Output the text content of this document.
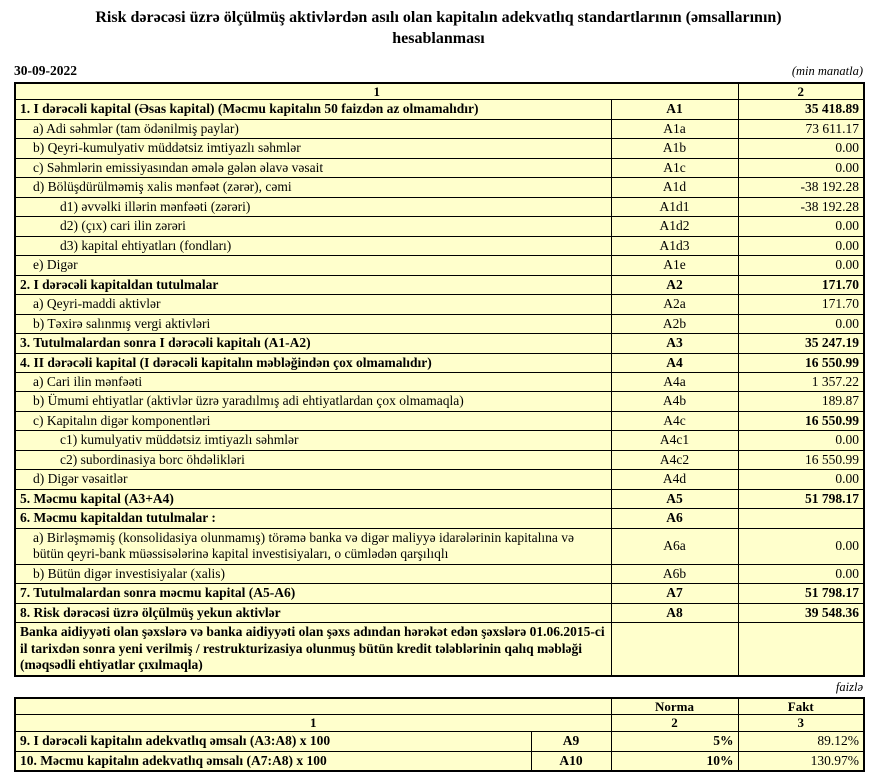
Risk dərəcəsi üzrə ölçülmüş aktivlərdən asılı olan kapitalın adekvatlıq standartlarının (əmsallarının)
hesablanması
30-09-2022	(min manatla)
1		2
1. I dərəcəli kapital (Əsas kapital) (Məcmu kapitalın 50 faizdən az olmamalıdır)	A1	35 418.89
a) Adi səhmlər (tam ödənilmiş paylar)	A1a	73 611.17
b) Qeyri-kumulyativ müddətsiz imtiyazlı səhmlər	A1b	0.00
c) Səhmlərin emissiyasından əmələ gələn əlavə vəsait	A1c	0.00
d) Bölüşdürülməmiş xalis mənfəət (zərər), cəmi	A1d	-38 192.28
d1) əvvəlki illərin mənfəəti (zərəri)	A1d1	-38 192.28
d2) (çıx) cari ilin zərəri	A1d2	0.00
d3) kapital ehtiyatları (fondları)	A1d3	0.00
e) Digər	A1e	0.00
2. I dərəcəli kapitaldan tutulmalar	A2	171.70
a) Qeyri-maddi aktivlər	A2a	171.70
b) Təxirə salınmış vergi aktivləri	A2b	0.00
3. Tutulmalardan sonra I dərəcəli kapitalı (A1-A2)	A3	35 247.19
4. II dərəcəli kapital (I dərəcəli kapitalın məbləğindən çox olmamalıdır)	A4	16 550.99
a) Cari ilin mənfəəti	A4a	1 357.22
b) Ümumi ehtiyatlar (aktivlər üzrə yaradılmış adi ehtiyatlardan çox olmamaqla)	A4b	189.87
c) Kapitalın digər komponentləri	A4c	16 550.99
c1) kumulyativ müddətsiz imtiyazlı səhmlər	A4c1	0.00
c2) subordinasiya borc öhdəlikləri	A4c2	16 550.99
d) Digər vəsaitlər	A4d	0.00
5. Məcmu kapital (A3+A4)	A5	51 798.17
6. Məcmu kapitaldan tutulmalar :	A6	
a) Birləşməmiş (konsolidasiya olunmamış) törəmə banka və digər maliyyə idarələrinin kapitalına və bütün qeyri-bank müəssisələrinə kapital investisiyaları, o cümlədən qarşılıqlı	A6a	0.00
b) Bütün digər investisiyalar (xalis)	A6b	0.00
7. Tutulmalardan sonra məcmu kapital (A5-A6)	A7	51 798.17
8. Risk dərəcəsi üzrə ölçülmüş yekun aktivlər	A8	39 548.36
Banka aidiyyəti olan şəxslərə və banka aidiyyəti olan şəxs adından hərəkət edən şəxslərə 01.06.2015-ci il tarixdən sonra yeni verilmiş / restrukturizasiya olunmuş bütün kredit tələblərinin qalıq məbləği (məqsədli ehtiyatlar çıxılmaqla)		
faizlə
		Norma	Fakt
1		2	3
9. I dərəcəli kapitalın adekvatlıq əmsalı (A3:A8) x 100	A9	5%	89.12%
10. Məcmu kapitalın adekvatlıq əmsalı (A7:A8) x 100	A10	10%	130.97%
